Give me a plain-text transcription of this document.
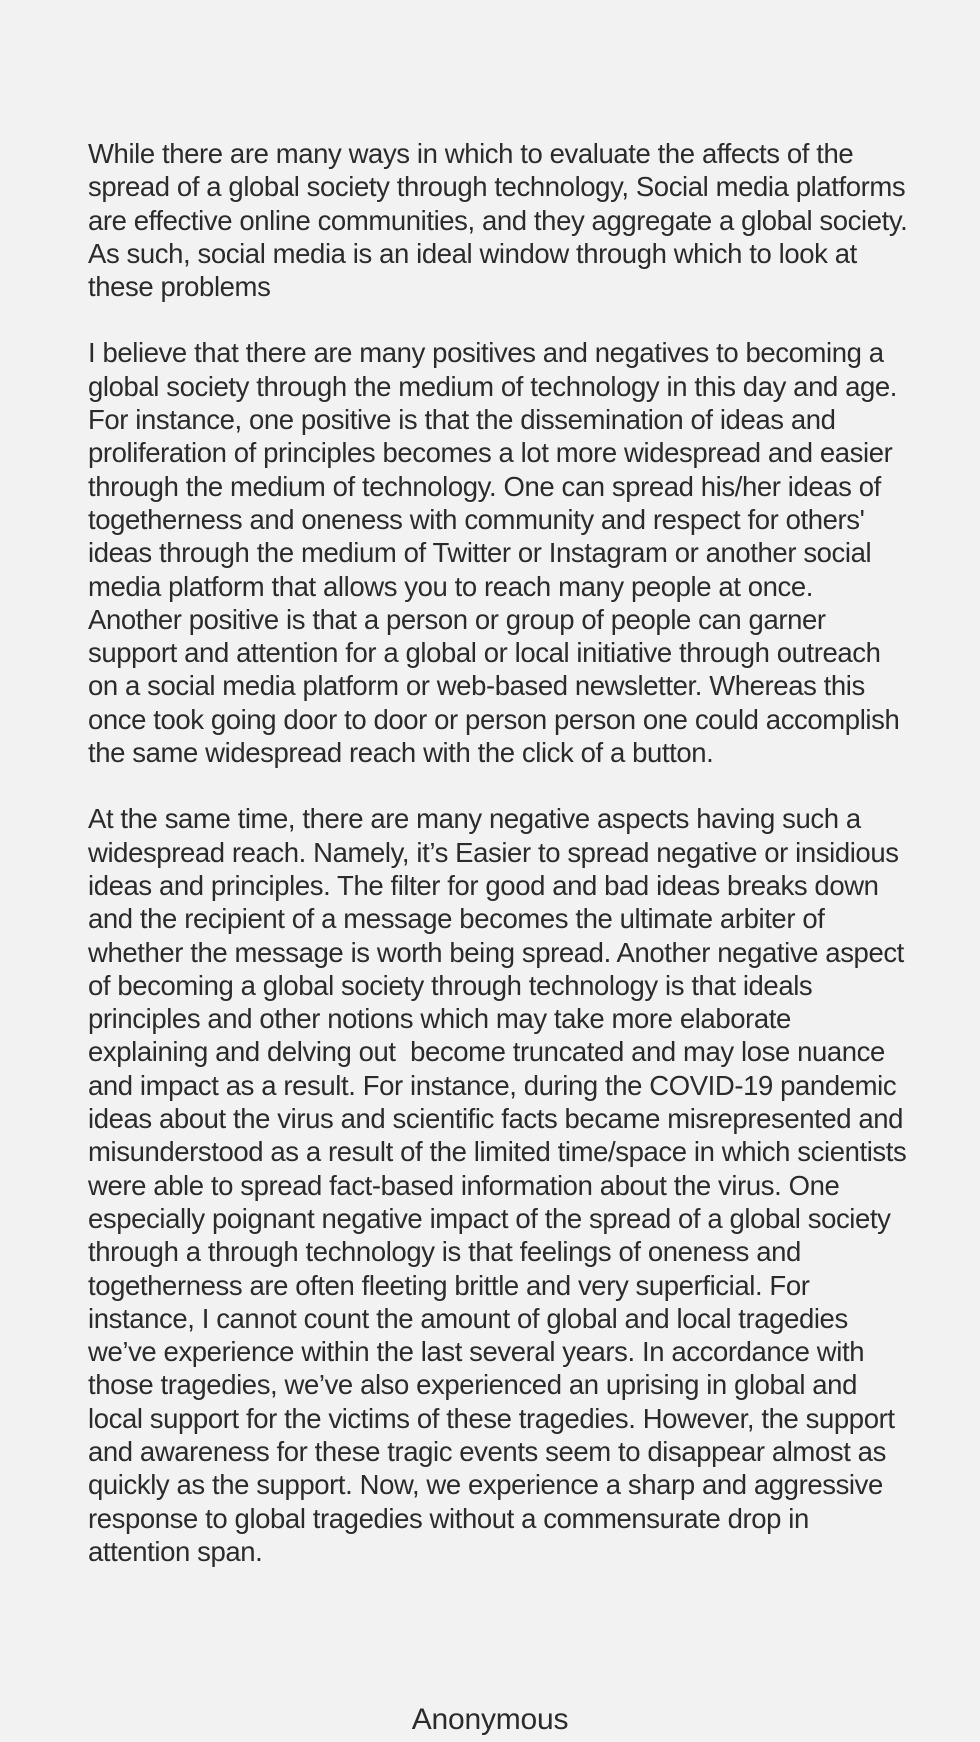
While there are many ways in which to evaluate the affects of the spread of a global society through technology, Social media platforms are effective online communities, and they aggregate a global society. As such, social media is an ideal window through which to look at these problems

I believe that there are many positives and negatives to becoming a global society through the medium of technology in this day and age. For instance, one positive is that the dissemination of ideas and proliferation of principles becomes a lot more widespread and easier through the medium of technology. One can spread his/her ideas of togetherness and oneness with community and respect for others' ideas through the medium of Twitter or Instagram or another social media platform that allows you to reach many people at once. Another positive is that a person or group of people can garner support and attention for a global or local initiative through outreach on a social media platform or web-based newsletter. Whereas this once took going door to door or person person one could accomplish the same widespread reach with the click of a button.

At the same time, there are many negative aspects having such a widespread reach. Namely, it’s Easier to spread negative or insidious ideas and principles. The filter for good and bad ideas breaks down and the recipient of a message becomes the ultimate arbiter of whether the message is worth being spread. Another negative aspect of becoming a global society through technology is that ideals principles and other notions which may take more elaborate explaining and delving out  become truncated and may lose nuance and impact as a result. For instance, during the COVID-19 pandemic ideas about the virus and scientific facts became misrepresented and misunderstood as a result of the limited time/space in which scientists were able to spread fact-based information about the virus. One especially poignant negative impact of the spread of a global society through a through technology is that feelings of oneness and togetherness are often fleeting brittle and very superficial. For instance, I cannot count the amount of global and local tragedies we’ve experience within the last several years. In accordance with those tragedies, we’ve also experienced an uprising in global and local support for the victims of these tragedies. However, the support and awareness for these tragic events seem to disappear almost as quickly as the support. Now, we experience a sharp and aggressive response to global tragedies without a commensurate drop in attention span.

Anonymous
